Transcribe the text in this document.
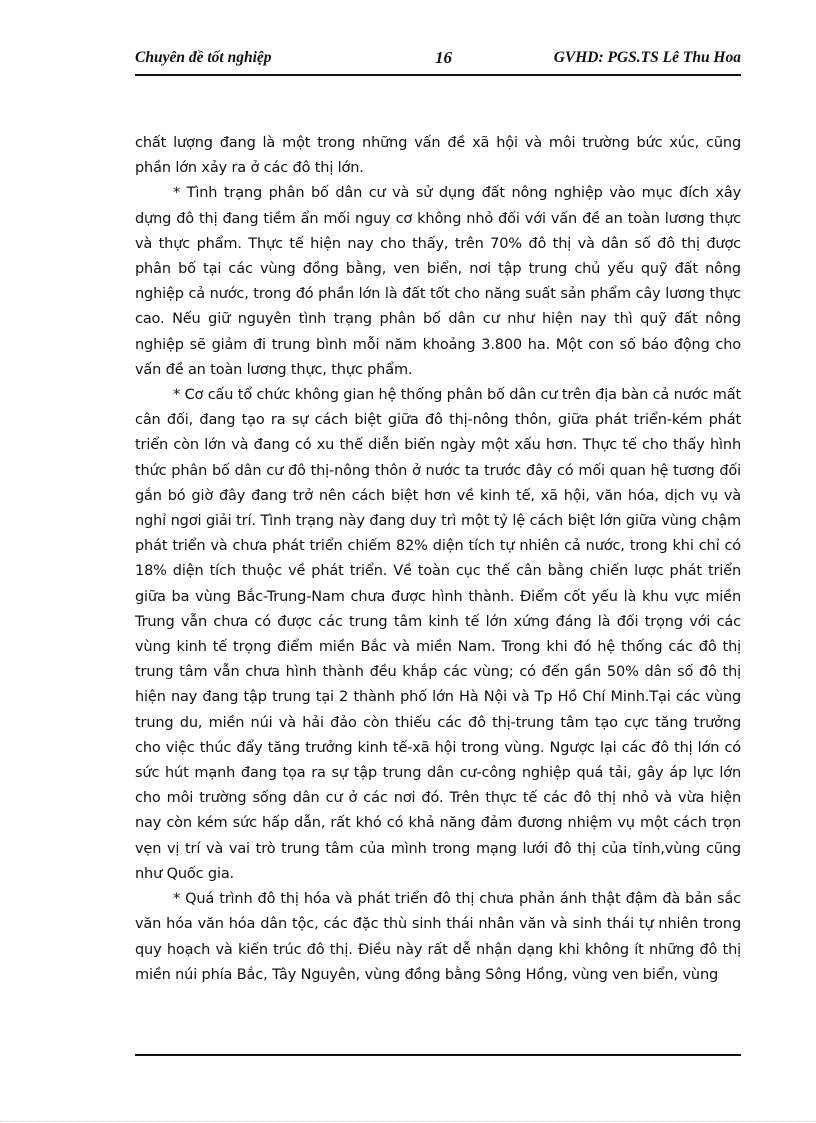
Chuyên đề tốt nghiệp	16	GVHD: PGS.TS Lê Thu Hoa

chất lượng đang là một trong những vấn đề xã hội và môi trường bức xúc, cũng phần lớn xảy ra ở các đô thị lớn.

* Tình trạng phân bố dân cư và sử dụng đất nông nghiệp vào mục đích xây dựng đô thị đang tiềm ẩn mối nguy cơ không nhỏ đối với vấn đề an toàn lương thực và thực phẩm. Thực tế hiện nay cho thấy, trên 70% đô thị và dân số đô thị được phân bố tại các vùng đồng bằng, ven biển, nơi tập trung chủ yếu quỹ đất nông nghiệp cả nước, trong đó phần lớn là đất tốt cho năng suất sản phẩm cây lương thực cao. Nếu giữ nguyên tình trạng phân bố dân cư như hiện nay thì quỹ đất nông nghiệp sẽ giảm đi trung bình mỗi năm khoảng 3.800 ha. Một con số báo động cho vấn đề an toàn lương thực, thực phẩm.

* Cơ cấu tổ chức không gian hệ thống phân bố dân cư trên địa bàn cả nước mất cân đối, đang tạo ra sự cách biệt giữa đô thị-nông thôn, giữa phát triển-kém phát triển còn lớn và đang có xu thế diễn biến ngày một xấu hơn. Thực tế cho thấy hình thức phân bố dân cư đô thị-nông thôn ở nước ta trước đây có mối quan hệ tương đối gắn bó giờ đây đang trở nên cách biệt hơn về kinh tế, xã hội, văn hóa, dịch vụ và nghỉ ngơi giải trí. Tình trạng này đang duy trì một tỷ lệ cách biệt lớn giữa vùng chậm phát triển và chưa phát triển chiếm 82% diện tích tự nhiên cả nước, trong khi chỉ có 18% diện tích thuộc về phát triển. Về toàn cục thế cân bằng chiến lược phát triển giữa ba vùng Bắc-Trung-Nam chưa được hình thành. Điểm cốt yếu là khu vực miền Trung vẫn chưa có được các trung tâm kinh tế lớn xứng đáng là đối trọng với các vùng kinh tế trọng điểm miền Bắc và miền Nam. Trong khi đó hệ thống các đô thị trung tâm vẫn chưa hình thành đều khắp các vùng; có đến gần 50% dân số đô thị hiện nay đang tập trung tại 2 thành phố lớn Hà Nội và Tp Hồ Chí Minh.Tại các vùng trung du, miền núi và hải đảo còn thiếu các đô thị-trung tâm tạo cực tăng trưởng cho việc thúc đẩy tăng trưởng kinh tế-xã hội trong vùng. Ngược lại các đô thị lớn có sức hút mạnh đang tọa ra sự tập trung dân cư-công nghiệp quá tải, gây áp lực lớn cho môi trường sống dân cư ở các nơi đó. Trên thực tế các đô thị nhỏ và vừa hiện nay còn kém sức hấp dẫn, rất khó có khả năng đảm đương nhiệm vụ một cách trọn vẹn vị trí và vai trò trung tâm của mình trong mạng lưới đô thị của tỉnh,vùng cũng như Quốc gia.

* Quá trình đô thị hóa và phát triển đô thị chưa phản ánh thật đậm đà bản sắc văn hóa văn hóa dân tộc, các đặc thù sinh thái nhân văn và sinh thái tự nhiên trong quy hoạch và kiến trúc đô thị. Điều này rất dễ nhận dạng khi không ít những đô thị miền núi phía Bắc, Tây Nguyên, vùng đồng bằng Sông Hồng, vùng ven biển, vùng
